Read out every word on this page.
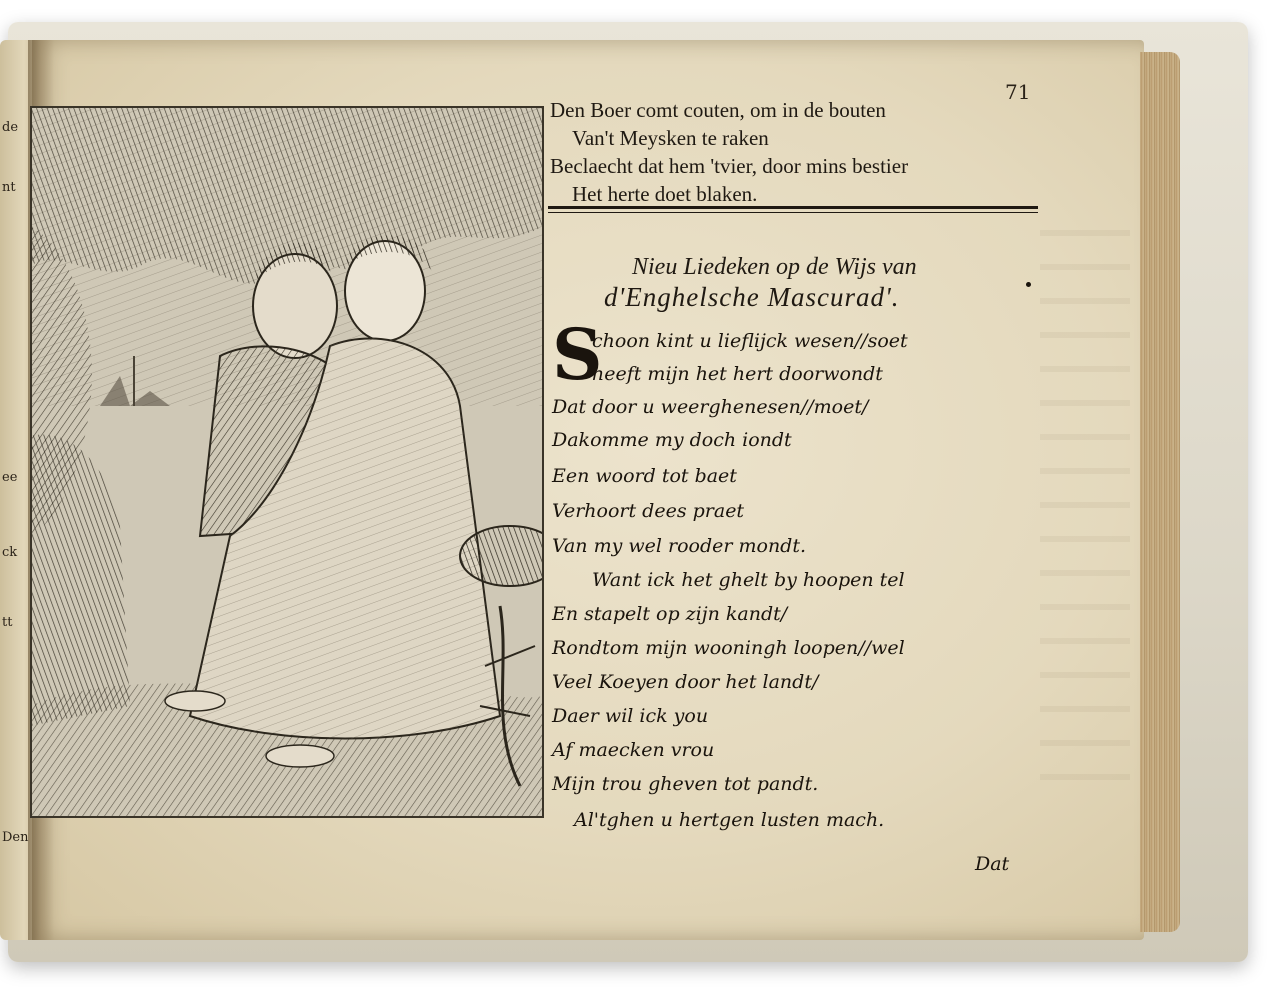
de
nt
ee
ck
tt
Den
71
Den Boer comt couten, om in de bouten
Van't Meysken te raken
Beclaecht dat hem 'tvier, door mins bestier
Het herte doet blaken.
Nieu Liedeken op de Wijs van
d'Enghelsche Mascurad'.
S
choon kint u lieflijck wesen//soet
heeft mijn het hert doorwondt
Dat door u weerghenesen//moet/
Dakomme my doch iondt
Een woord tot baet
Verhoort dees praet
Van my wel rooder mondt.
Want ick het ghelt by hoopen tel
En stapelt op zijn kandt/
Rondtom mijn wooningh loopen//wel
Veel Koeyen door het landt/
Daer wil ick you
Af maecken vrou
Mijn trou gheven tot pandt.
Al'tghen u hertgen lusten mach.
Dat
